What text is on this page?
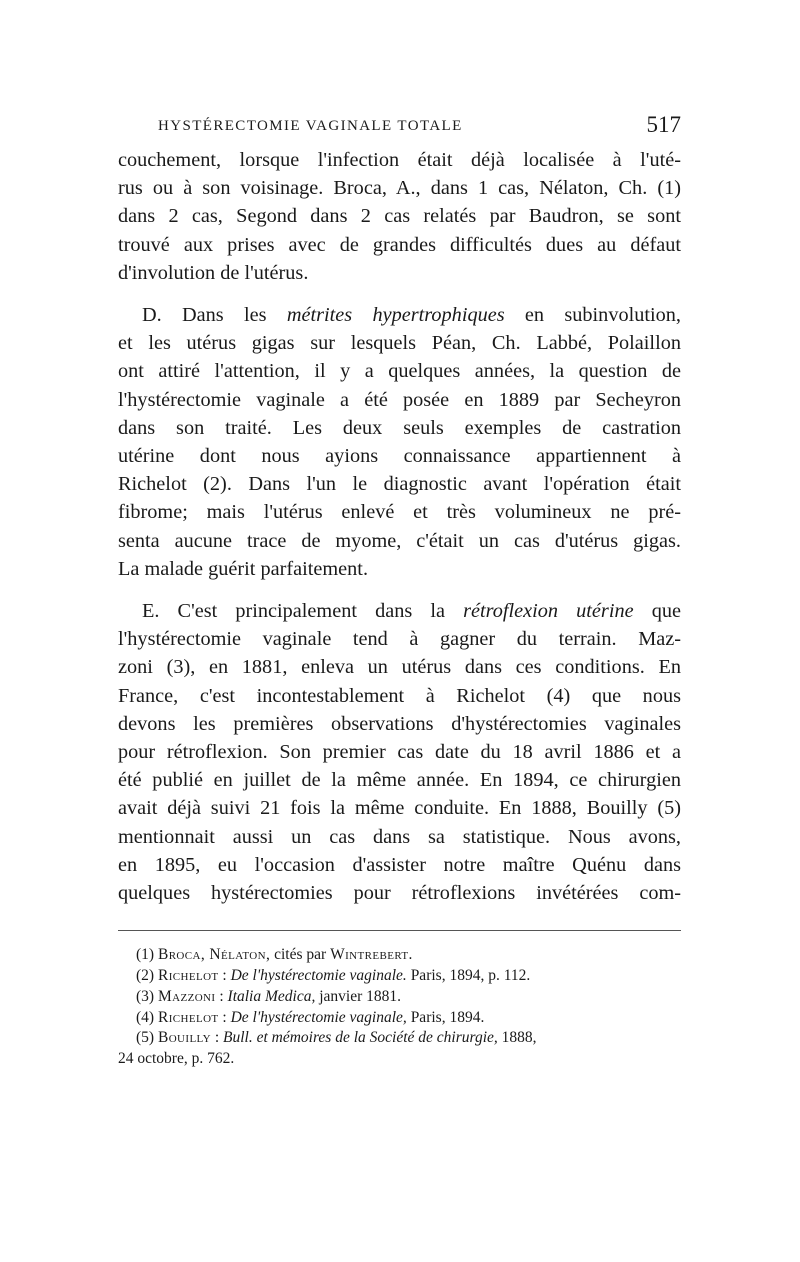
HYSTÉRECTOMIE VAGINALE TOTALE	517

couchement, lorsque l'infection était déjà localisée à l'uté-
rus ou à son voisinage. Broca, A., dans 1 cas, Nélaton, Ch. (1)
dans 2 cas, Segond dans 2 cas relatés par Baudron, se sont
trouvé aux prises avec de grandes difficultés dues au défaut
d'involution de l'utérus.

D. Dans les métrites hypertrophiques en subinvolution,
et les utérus gigas sur lesquels Péan, Ch. Labbé, Polaillon
ont attiré l'attention, il y a quelques années, la question de
l'hystérectomie vaginale a été posée en 1889 par Secheyron
dans son traité. Les deux seuls exemples de castration
utérine dont nous ayions connaissance appartiennent à
Richelot (2). Dans l'un le diagnostic avant l'opération était
fibrome; mais l'utérus enlevé et très volumineux ne pré-
senta aucune trace de myome, c'était un cas d'utérus gigas.
La malade guérit parfaitement.

E. C'est principalement dans la rétroflexion utérine que
l'hystérectomie vaginale tend à gagner du terrain. Maz-
zoni (3), en 1881, enleva un utérus dans ces conditions. En
France, c'est incontestablement à Richelot (4) que nous
devons les premières observations d'hystérectomies vaginales
pour rétroflexion. Son premier cas date du 18 avril 1886 et a
été publié en juillet de la même année. En 1894, ce chirurgien
avait déjà suivi 21 fois la même conduite. En 1888, Bouilly (5)
mentionnait aussi un cas dans sa statistique. Nous avons,
en 1895, eu l'occasion d'assister notre maître Quénu dans
quelques hystérectomies pour rétroflexions invétérées com-

(1) Broca, Nélaton, cités par Wintrebert.
(2) Richelot : De l'hystérectomie vaginale. Paris, 1894, p. 112.
(3) Mazzoni : Italia Medica, janvier 1881.
(4) Richelot : De l'hystérectomie vaginale, Paris, 1894.
(5) Bouilly : Bull. et mémoires de la Société de chirurgie, 1888,
24 octobre, p. 762.
